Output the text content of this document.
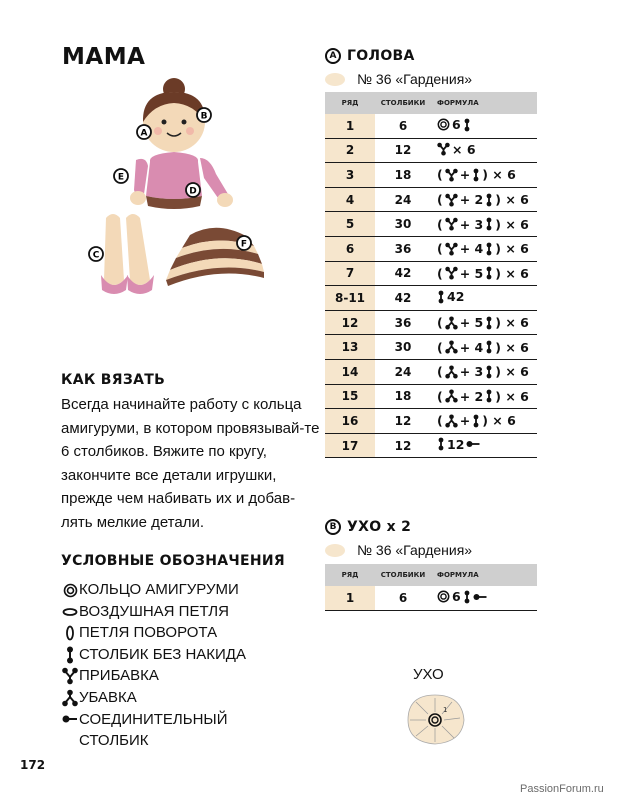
МАМА
A
B
C
D
E
F
КАК ВЯЗАТЬ
Всегда начинайте работу с кольца амигуруми, в котором провязывай-те 6 столбиков. Вяжите по кругу, закончите все детали игрушки, прежде чем набивать их и добав-лять мелкие детали.
УСЛОВНЫЕ ОБОЗНАЧЕНИЯ
КОЛЬЦО АМИГУРУМИ
ВОЗДУШНАЯ ПЕТЛЯ
ПЕТЛЯ ПОВОРОТА
СТОЛБИК БЕЗ НАКИДА
ПРИБАВКА
УБАВКА
СОЕДИНИТЕЛЬНЫЙ СТОЛБИК
A ГОЛОВА
№ 36 «Гардения»
РЯД	СТОЛБИКИ	ФОРМУЛА
1	6	6

2	12	× 6

3	18	( + ) × 6

4	24	( + 2 ) × 6

5	30	( + 3 ) × 6

6	36	( + 4 ) × 6

7	42	( + 5 ) × 6

8-11	42	42

12	36	( + 5 ) × 6

13	30	( + 4 ) × 6

14	24	( + 3 ) × 6

15	18	( + 2 ) × 6

16	12	( + ) × 6

17	12	12
B УХО х 2
№ 36 «Гардения»
РЯД	СТОЛБИКИ	ФОРМУЛА
1	6	6
УХО
1
172
PassionForum.ru
